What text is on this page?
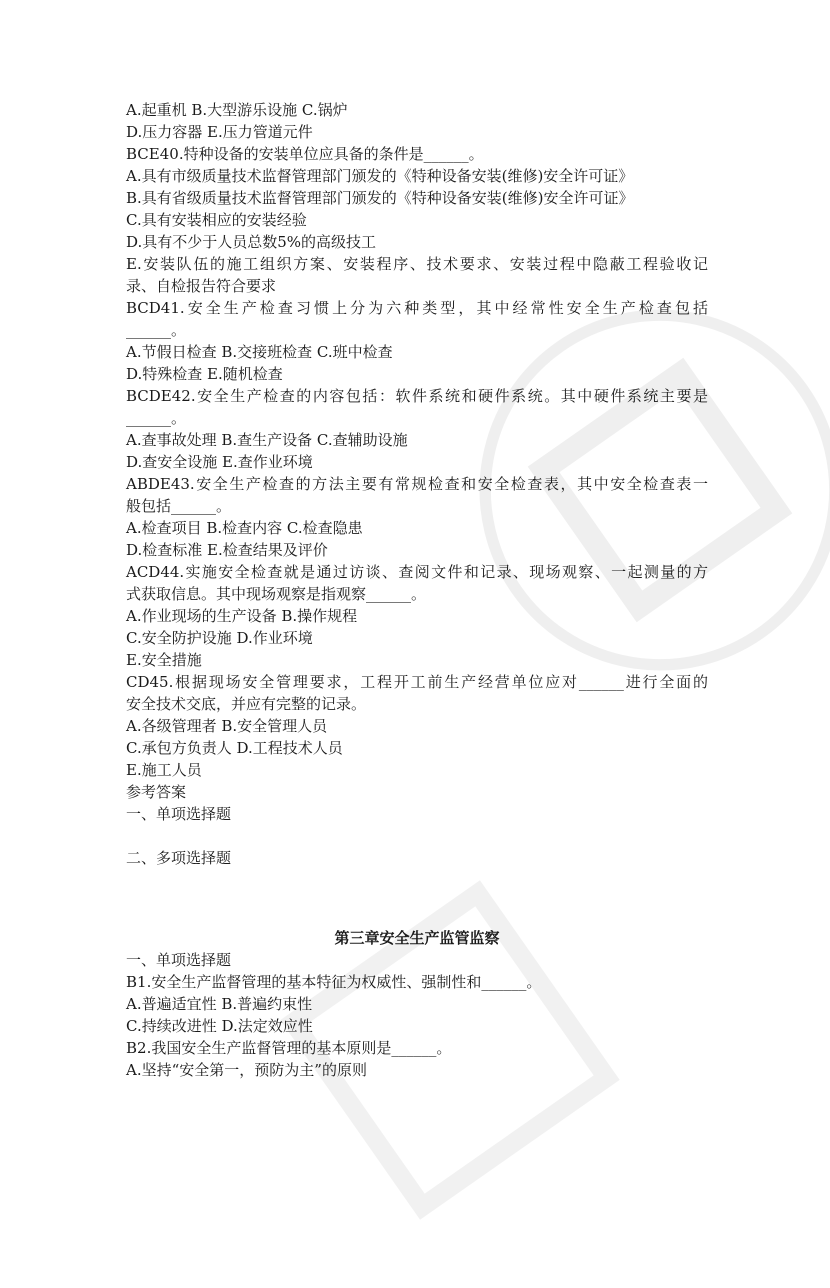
A.起重机 B.大型游乐设施 C.锅炉
D.压力容器 E.压力管道元件
BCE40.特种设备的安装单位应具备的条件是______。
A.具有市级质量技术监督管理部门颁发的《特种设备安装(维修)安全许可证》
B.具有省级质量技术监督管理部门颁发的《特种设备安装(维修)安全许可证》
C.具有安装相应的安装经验
D.具有不少于人员总数5%的高级技工
E.安装队伍的施工组织方案、安装程序、技术要求、安装过程中隐蔽工程验收记
录、自检报告符合要求
BCD41.安全生产检查习惯上分为六种类型，其中经常性安全生产检查包括
______。
A.节假日检查 B.交接班检查 C.班中检查
D.特殊检查 E.随机检查
BCDE42.安全生产检查的内容包括：软件系统和硬件系统。其中硬件系统主要是
______。
A.查事故处理 B.查生产设备 C.查辅助设施
D.查安全设施 E.查作业环境
ABDE43.安全生产检查的方法主要有常规检查和安全检查表，其中安全检查表一
般包括______。
A.检查项目 B.检查内容 C.检查隐患
D.检查标准 E.检查结果及评价
ACD44.实施安全检查就是通过访谈、查阅文件和记录、现场观察、一起测量的方
式获取信息。其中现场观察是指观察______。
A.作业现场的生产设备 B.操作规程
C.安全防护设施 D.作业环境
E.安全措施
CD45.根据现场安全管理要求，工程开工前生产经营单位应对______进行全面的
安全技术交底，并应有完整的记录。
A.各级管理者 B.安全管理人员
C.承包方负责人 D.工程技术人员
E.施工人员
参考答案
一、单项选择题
二、多项选择题
第三章安全生产监管监察
一、单项选择题
B1.安全生产监督管理的基本特征为权威性、强制性和______。
A.普遍适宜性 B.普遍约束性
C.持续改进性 D.法定效应性
B2.我国安全生产监督管理的基本原则是______。
A.坚持“安全第一，预防为主”的原则
